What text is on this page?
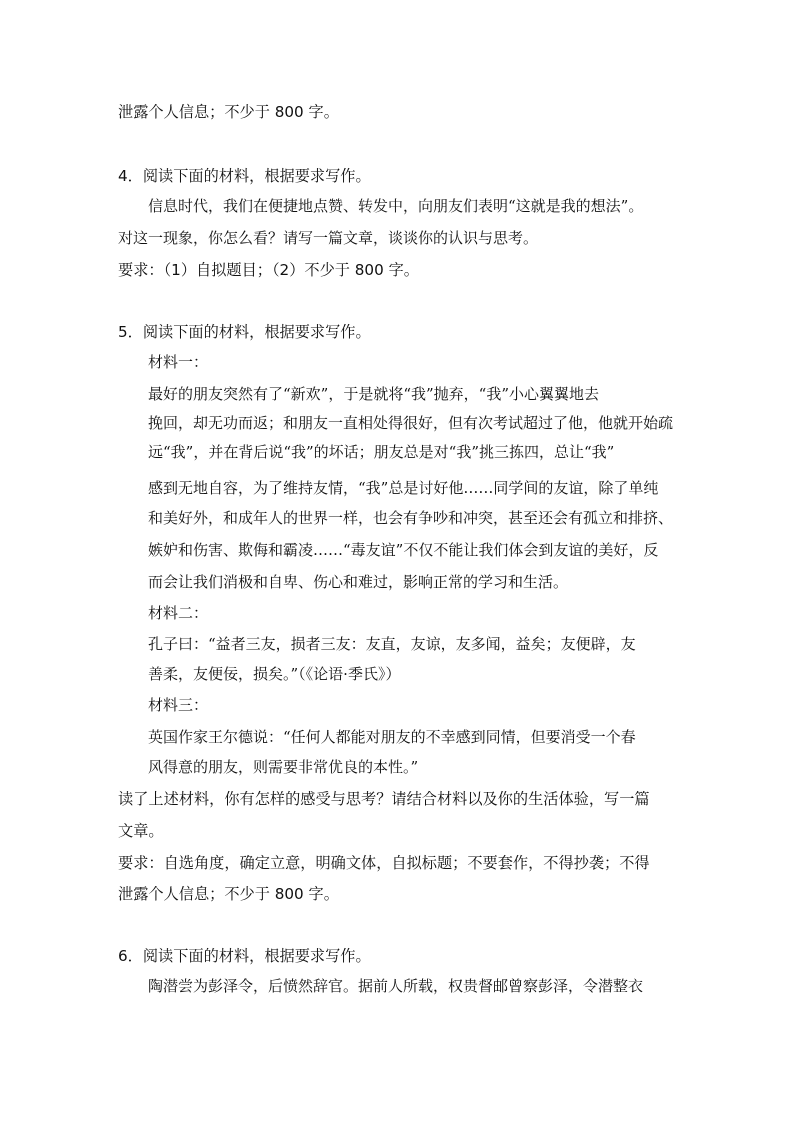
泄露个人信息；不少于 800 字。
4．阅读下面的材料，根据要求写作。
信息时代，我们在便捷地点赞、转发中，向朋友们表明“这就是我的想法”。
对这一现象，你怎么看？请写一篇文章，谈谈你的认识与思考。
要求：（1）自拟题目；（2）不少于 800 字。
5．阅读下面的材料，根据要求写作。
材料一：
最好的朋友突然有了“新欢”，于是就将“我”抛弃，“我”小心翼翼地去
挽回，却无功而返；和朋友一直相处得很好，但有次考试超过了他，他就开始疏
远“我”，并在背后说“我”的坏话；朋友总是对“我”挑三拣四，总让“我”
感到无地自容，为了维持友情，“我”总是讨好他……同学间的友谊，除了单纯
和美好外，和成年人的世界一样，也会有争吵和冲突，甚至还会有孤立和排挤、
嫉妒和伤害、欺侮和霸凌……“毒友谊”不仅不能让我们体会到友谊的美好，反
而会让我们消极和自卑、伤心和难过，影响正常的学习和生活。
材料二：
孔子曰：“益者三友，损者三友：友直，友谅，友多闻，益矣；友便辟，友
善柔，友便佞，损矣。”（《论语·季氏》）
材料三：
英国作家王尔德说：“任何人都能对朋友的不幸感到同情，但要消受一个春
风得意的朋友，则需要非常优良的本性。”
读了上述材料，你有怎样的感受与思考？请结合材料以及你的生活体验，写一篇
文章。
要求：自选角度，确定立意，明确文体，自拟标题；不要套作，不得抄袭；不得
泄露个人信息；不少于 800 字。
6．阅读下面的材料，根据要求写作。
陶潜尝为彭泽令，后愤然辞官。据前人所载，权贵督邮曾察彭泽，令潜整衣
